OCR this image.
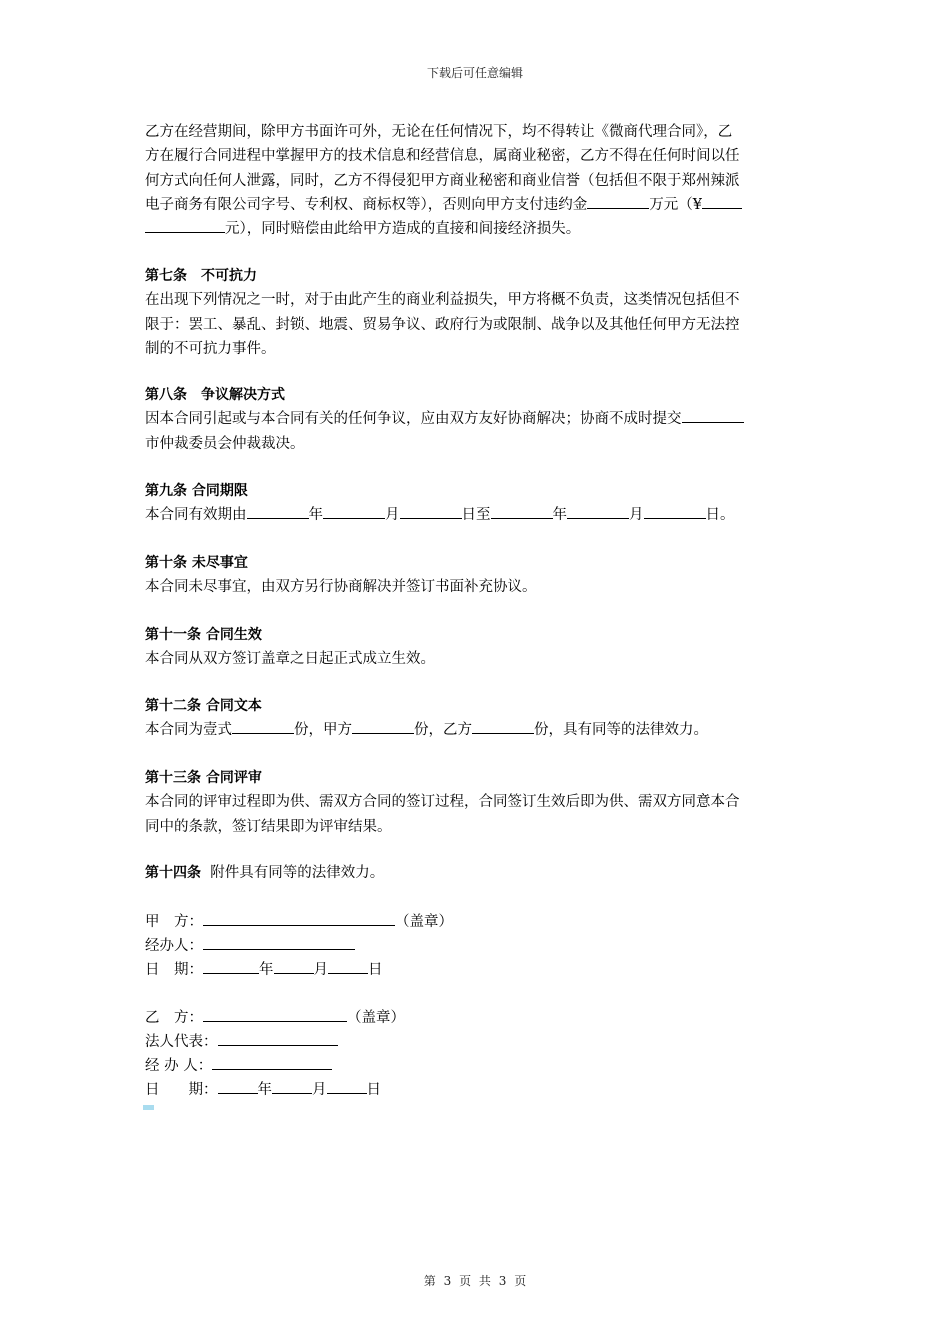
下载后可任意编辑
乙方在经营期间，除甲方书面许可外，无论在任何情况下，均不得转让《微商代理合同》，乙
方在履行合同进程中掌握甲方的技术信息和经营信息，属商业秘密，乙方不得在任何时间以任
何方式向任何人泄露，同时，乙方不得侵犯甲方商业秘密和商业信誉（包括但不限于郑州辣派
电子商务有限公司字号、专利权、商标权等），否则向甲方支付违约金	万元（¥
元），同时赔偿由此给甲方造成的直接和间接经济损失。
第七条　不可抗力
在出现下列情况之一时，对于由此产生的商业利益损失，甲方将概不负责，这类情况包括但不
限于：罢工、暴乱、封锁、地震、贸易争议、政府行为或限制、战争以及其他任何甲方无法控
制的不可抗力事件。
第八条　争议解决方式
因本合同引起或与本合同有关的任何争议，应由双方友好协商解决；协商不成时提交
市仲裁委员会仲裁裁决。
第九条 合同期限
本合同有效期由	年	月	日至	年	月	日。
第十条 未尽事宜
本合同未尽事宜，由双方另行协商解决并签订书面补充协议。
第十一条 合同生效
本合同从双方签订盖章之日起正式成立生效。
第十二条 合同文本
本合同为壹式	份，甲方	份，乙方	份，具有同等的法律效力。
第十三条 合同评审
本合同的评审过程即为供、需双方合同的签订过程，合同签订生效后即为供、需双方同意本合
同中的条款，签订结果即为评审结果。
第十四条 附件具有同等的法律效力。
甲　方：	（盖章）
经办人：
日　期：	年	月	日
乙　方：	（盖章）
法人代表：
经 办 人：
日　　期：	年	月	日
第 3 页 共 3 页
